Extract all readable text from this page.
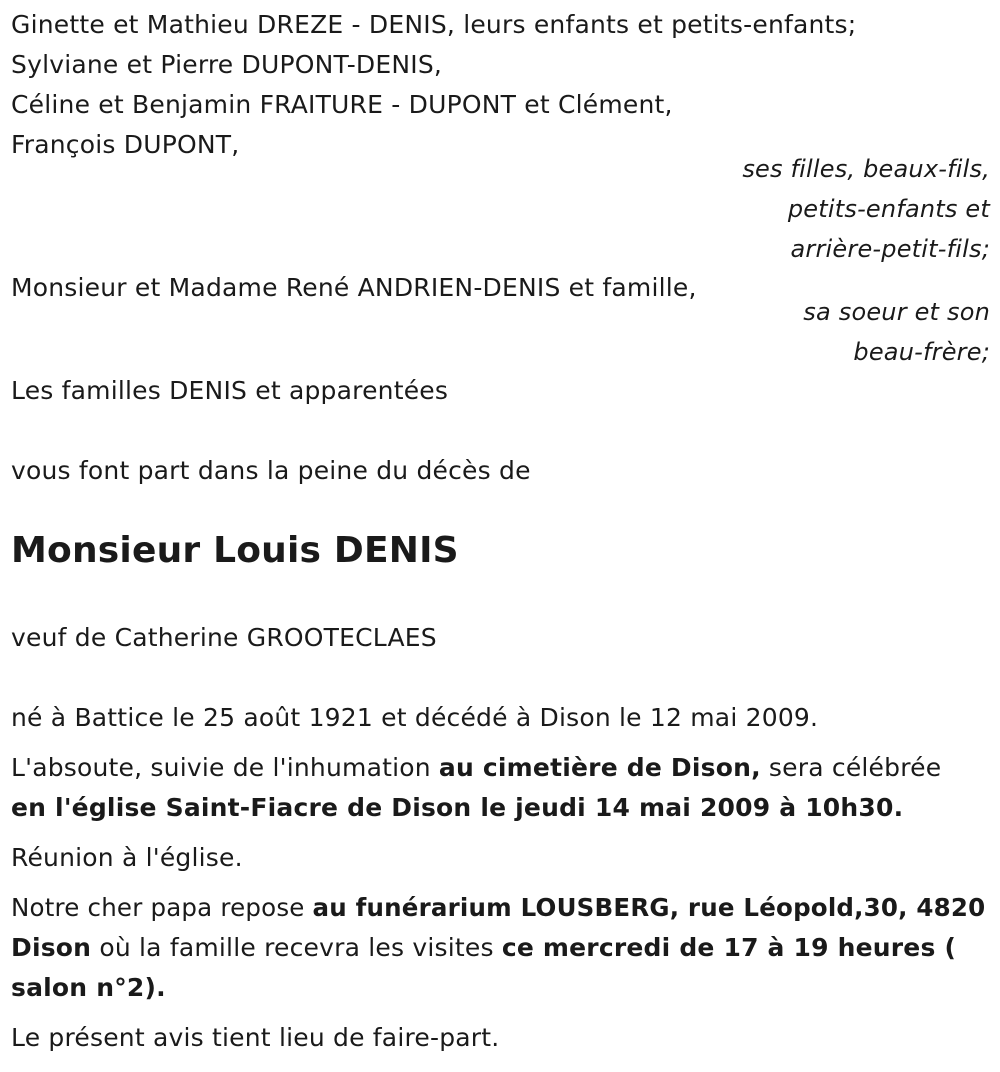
Ginette et Mathieu DREZE - DENIS, leurs enfants et petits-enfants;
Sylviane et Pierre DUPONT-DENIS,
Céline et Benjamin FRAITURE - DUPONT et Clément,
François DUPONT,
ses filles, beaux-fils,
petits-enfants et
arrière-petit-fils;
Monsieur et Madame René ANDRIEN-DENIS et famille,
sa soeur et son
beau-frère;
Les familles DENIS et apparentées
vous font part dans la peine du décès de
Monsieur Louis DENIS
veuf de Catherine GROOTECLAES
né à Battice le 25 août 1921 et décédé à Dison le 12 mai 2009.
L'absoute, suivie de l'inhumation au cimetière de Dison, sera célébrée
en l'église Saint-Fiacre de Dison le jeudi 14 mai 2009 à 10h30.
Réunion à l'église.
Notre cher papa repose au funérarium LOUSBERG, rue Léopold,30, 4820
Dison où la famille recevra les visites ce mercredi de 17 à 19 heures (
salon n°2).
Le présent avis tient lieu de faire-part.
